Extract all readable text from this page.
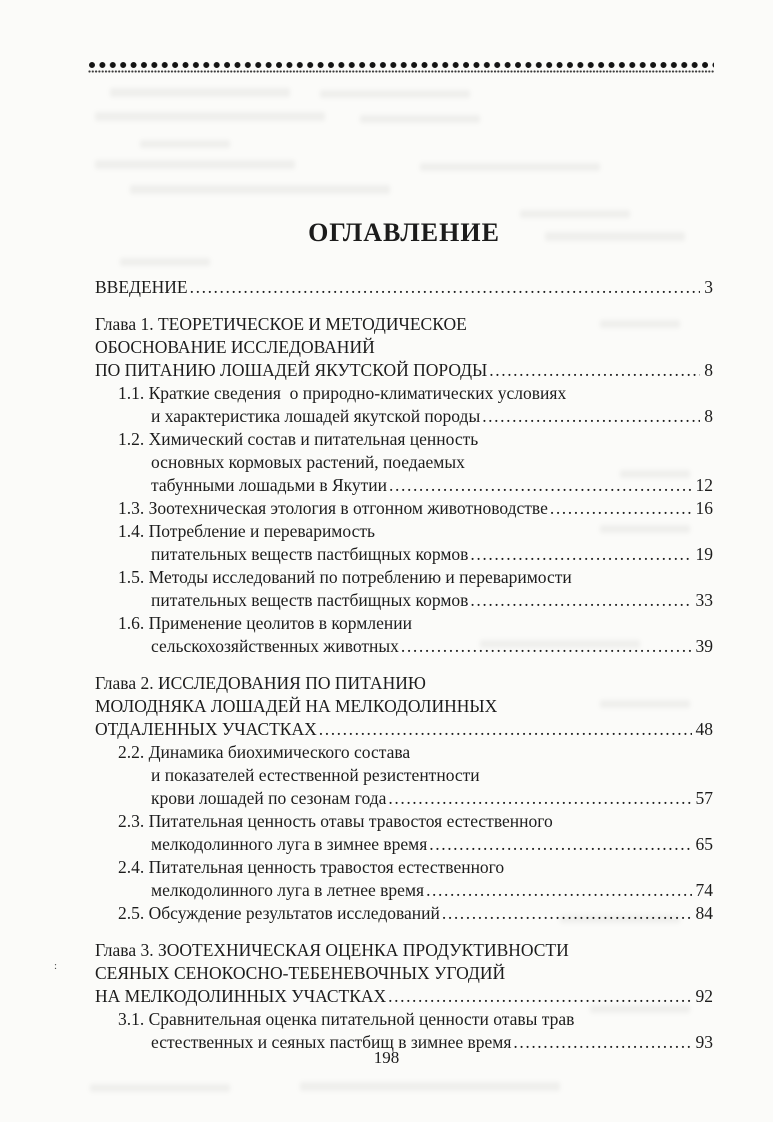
ОГЛАВЛЕНИЕ
ВВЕДЕНИЕ .....	3
Глава 1. ТЕОРЕТИЧЕСКОЕ И МЕТОДИЧЕСКОЕ
ОБОСНОВАНИЕ ИССЛЕДОВАНИЙ
ПО ПИТАНИЮ ЛОШАДЕЙ ЯКУТСКОЙ ПОРОДЫ .....	8
1.1. Краткие сведения  о природно-климатических условиях
и характеристика лошадей якутской породы .....	8
1.2. Химический состав и питательная ценность
основных кормовых растений, поедаемых
табунными лошадьми в Якутии .....	12
1.3. Зоотехническая этология в отгонном животноводстве .....	16
1.4. Потребление и переваримость
питательных веществ пастбищных кормов .....	19
1.5. Методы исследований по потреблению и переваримости
питательных веществ пастбищных кормов .....	33
1.6. Применение цеолитов в кормлении
сельскохозяйственных животных .....	39
Глава 2. ИССЛЕДОВАНИЯ ПО ПИТАНИЮ
МОЛОДНЯКА ЛОШАДЕЙ НА МЕЛКОДОЛИННЫХ
ОТДАЛЕННЫХ УЧАСТКАХ .....	48
2.2. Динамика биохимического состава
и показателей естественной резистентности
крови лошадей по сезонам года .....	57
2.3. Питательная ценность отавы травостоя естественного
мелкодолинного луга в зимнее время .....	65
2.4. Питательная ценность травостоя естественного
мелкодолинного луга в летнее время .....	74
2.5. Обсуждение результатов исследований .....	84
Глава 3. ЗООТЕХНИЧЕСКАЯ ОЦЕНКА ПРОДУКТИВНОСТИ
СЕЯНЫХ СЕНОКОСНО-ТЕБЕНЕВОЧНЫХ УГОДИЙ
НА МЕЛКОДОЛИННЫХ УЧАСТКАХ .....	92
3.1. Сравнительная оценка питательной ценности отавы трав
естественных и сеяных пастбищ в зимнее время .....	93
:
198
